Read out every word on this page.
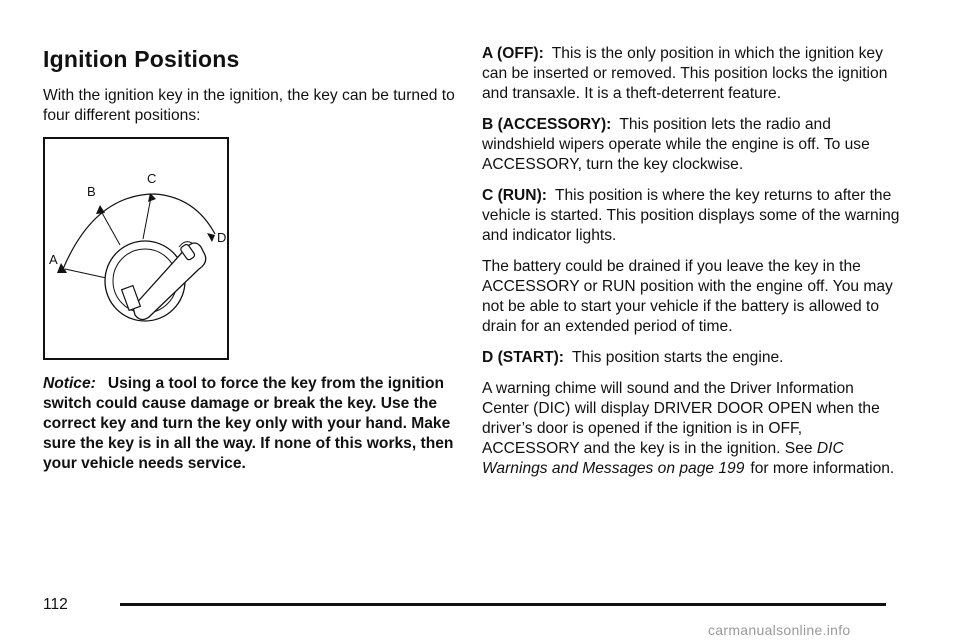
Ignition Positions

With the ignition key in the ignition, the key can be turned to four different positions:

A
B
C
D

Notice: Using a tool to force the key from the ignition switch could cause damage or break the key. Use the correct key and turn the key only with your hand. Make sure the key is in all the way. If none of this works, then your vehicle needs service.

A (OFF): This is the only position in which the ignition key can be inserted or removed. This position locks the ignition and transaxle. It is a theft-deterrent feature.

B (ACCESSORY): This position lets the radio and windshield wipers operate while the engine is off. To use ACCESSORY, turn the key clockwise.

C (RUN): This position is where the key returns to after the vehicle is started. This position displays some of the warning and indicator lights.

The battery could be drained if you leave the key in the ACCESSORY or RUN position with the engine off. You may not be able to start your vehicle if the battery is allowed to drain for an extended period of time.

D (START): This position starts the engine.

A warning chime will sound and the Driver Information Center (DIC) will display DRIVER DOOR OPEN when the driver’s door is opened if the ignition is in OFF, ACCESSORY and the key is in the ignition. See DIC Warnings and Messages on page 199 for more information.

112
carmanualsonline.info
